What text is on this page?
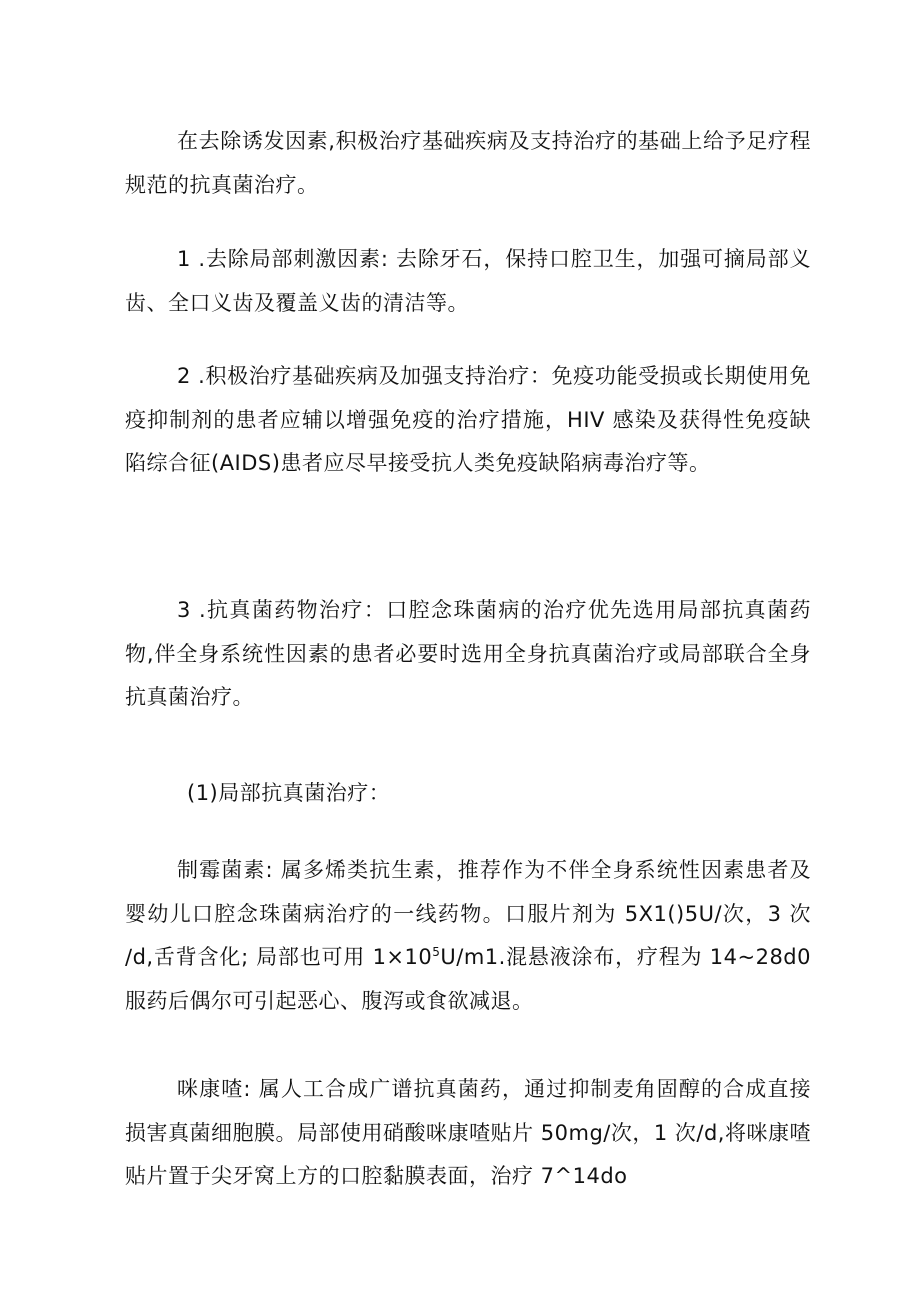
在去除诱发因素,积极治疗基础疾病及支持治疗的基础上给予足疗程规范的抗真菌治疗。

1 .去除局部刺激因素: 去除牙石，保持口腔卫生，加强可摘局部义齿、全口义齿及覆盖义齿的清洁等。

2 .积极治疗基础疾病及加强支持治疗：免疫功能受损或长期使用免疫抑制剂的患者应辅以增强免疫的治疗措施，HIV 感染及获得性免疫缺陷综合征(AIDS)患者应尽早接受抗人类免疫缺陷病毒治疗等。

3 .抗真菌药物治疗：口腔念珠菌病的治疗优先选用局部抗真菌药物,伴全身系统性因素的患者必要时选用全身抗真菌治疗或局部联合全身抗真菌治疗。

(1)局部抗真菌治疗：

制霉菌素: 属多烯类抗生素，推荐作为不伴全身系统性因素患者及婴幼儿口腔念珠菌病治疗的一线药物。口服片剂为 5X1()5U/次，3 次∕d,舌背含化; 局部也可用 $1\times 10^5U/m1$.混悬液涂布，疗程为 14~28d0 服药后偶尔可引起恶心、腹泻或食欲减退。

咪康喳: 属人工合成广谱抗真菌药，通过抑制麦角固醇的合成直接损害真菌细胞膜。局部使用硝酸咪康喳贴片 50mg∕次，1 次∕d,将咪康喳贴片置于尖牙窝上方的口腔黏膜表面，治疗 7^14do
